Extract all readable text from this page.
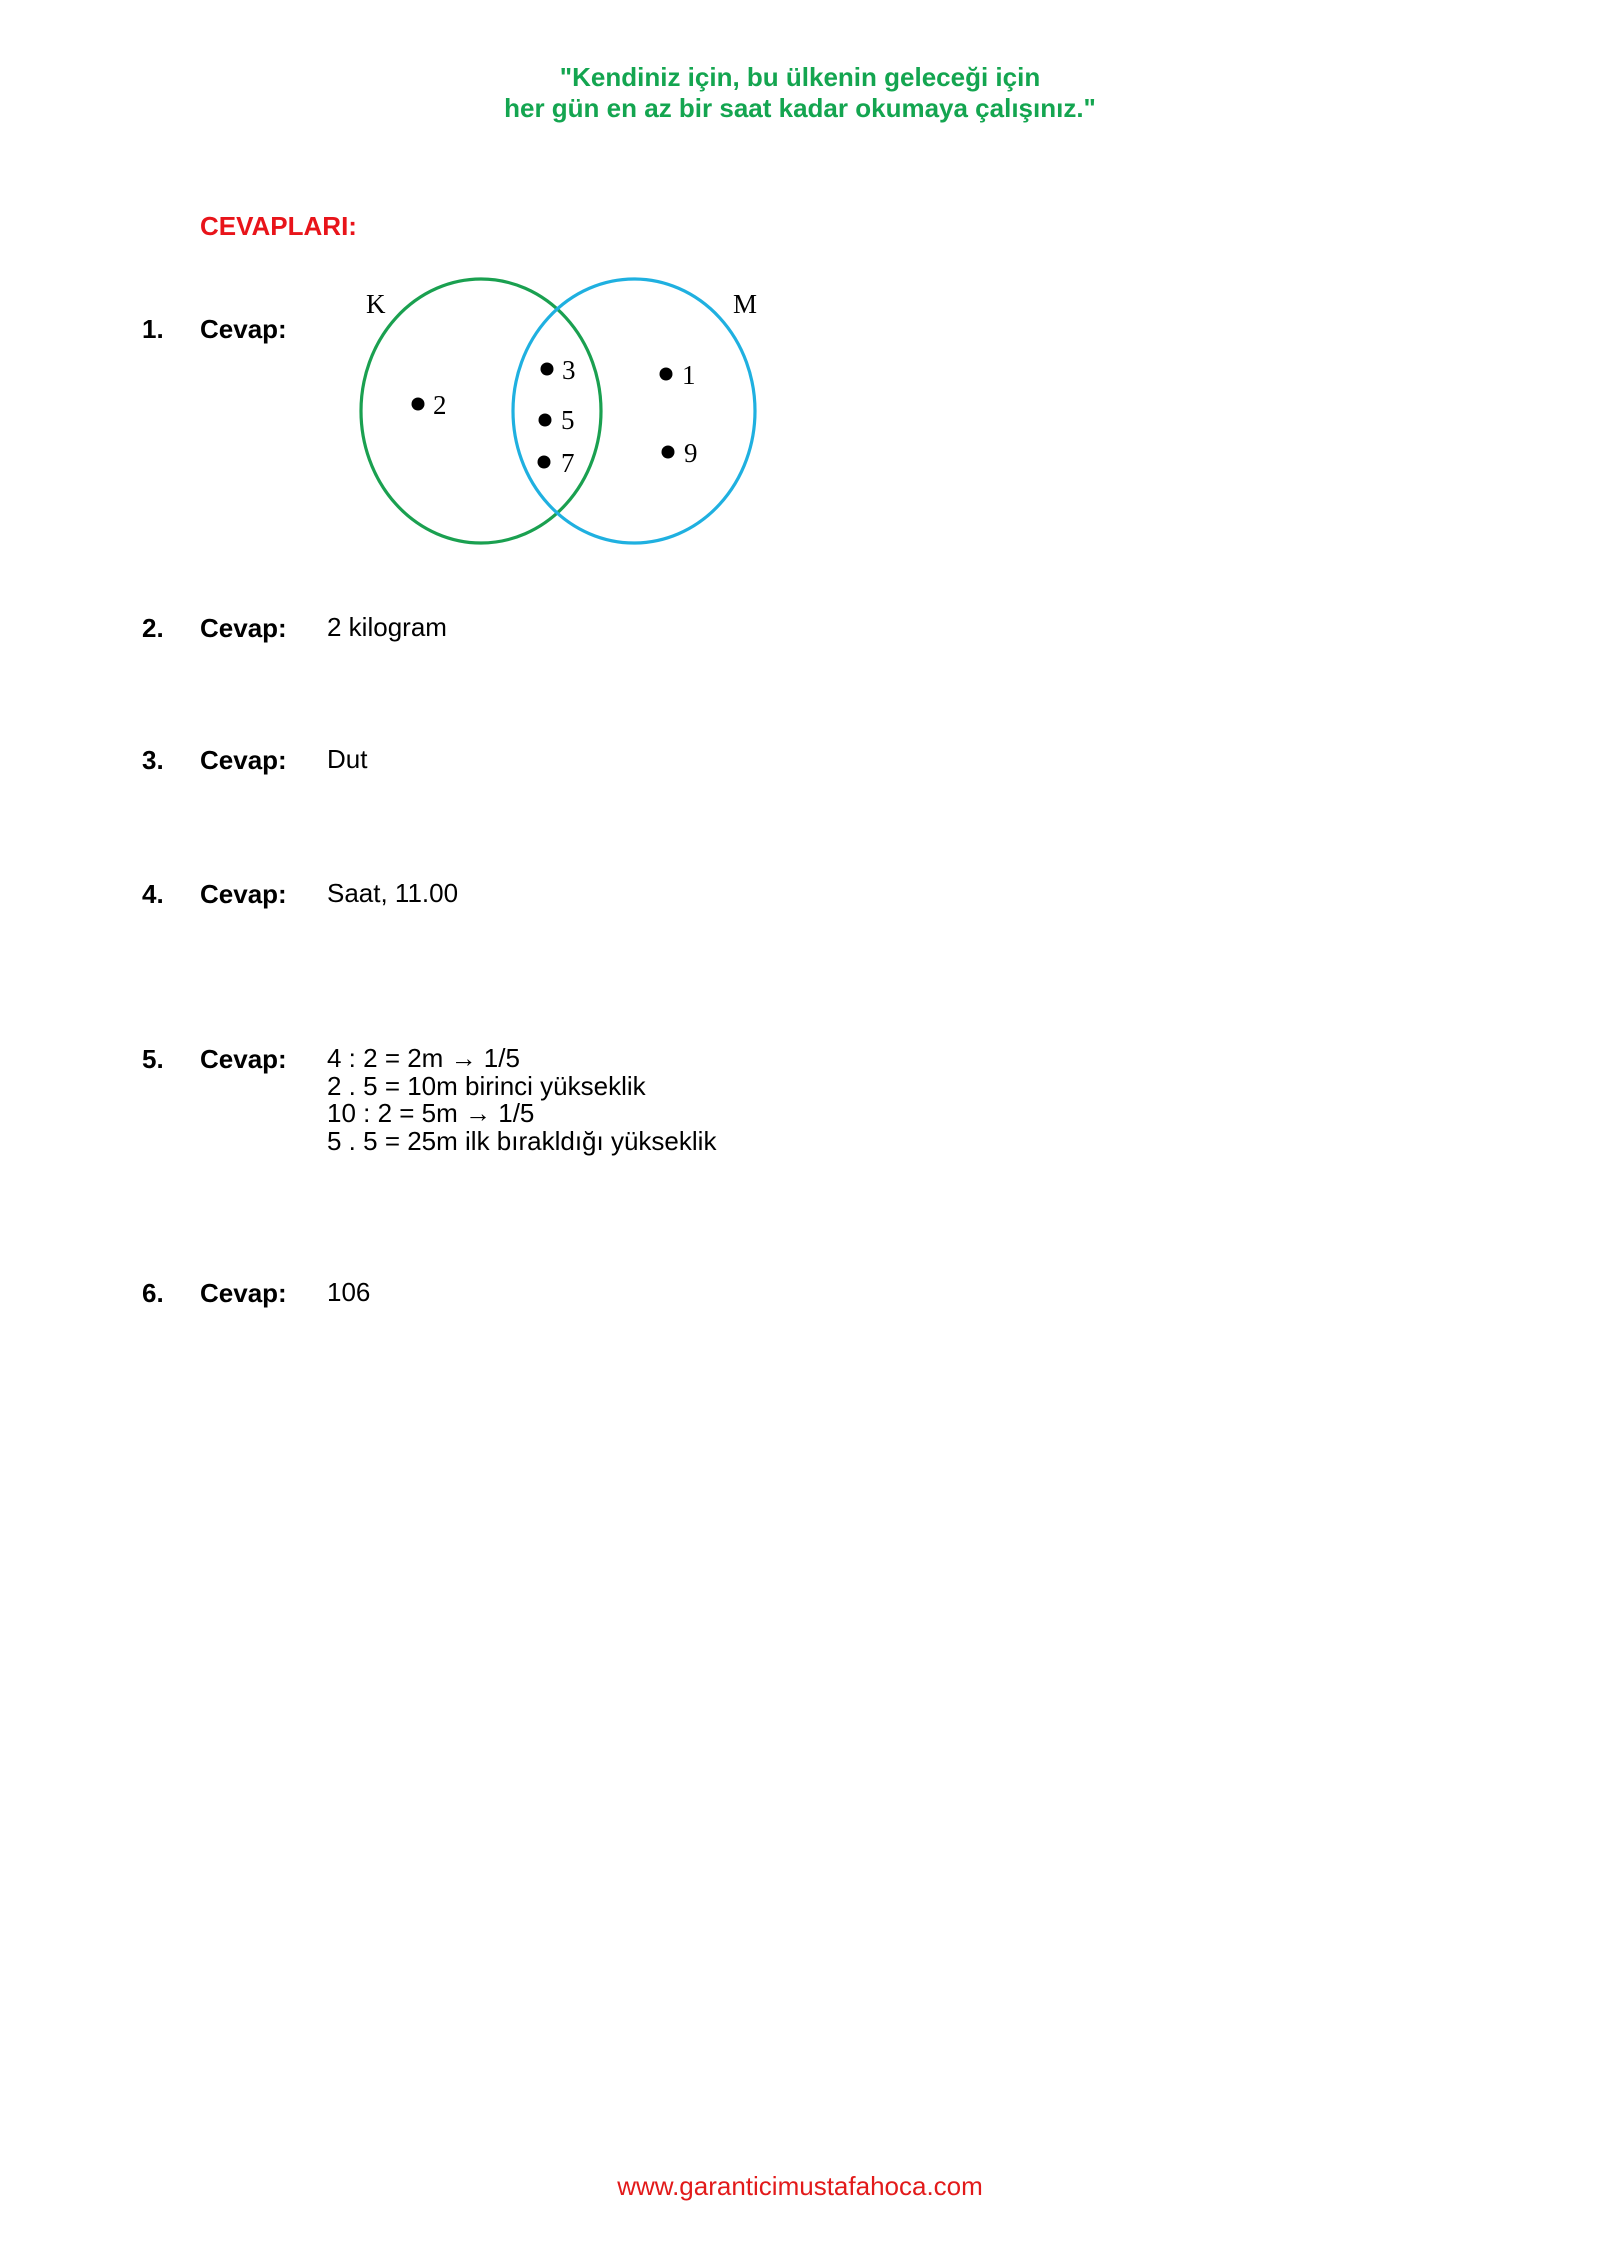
"Kendiniz için, bu ülkenin geleceği için
her gün en az bir saat kadar okumaya çalışınız."
CEVAPLARI:
1. Cevap:
K	M
2
3
5
7
1
9
2. Cevap: 2 kilogram
3. Cevap: Dut
4. Cevap: Saat, 11.00
5. Cevap: 4 : 2 = 2m → 1/5
2 . 5 = 10m birinci yükseklik
10 : 2 = 5m → 1/5
5 . 5 = 25m ilk bırakldığı yükseklik
6. Cevap: 106
www.garanticimustafahoca.com
